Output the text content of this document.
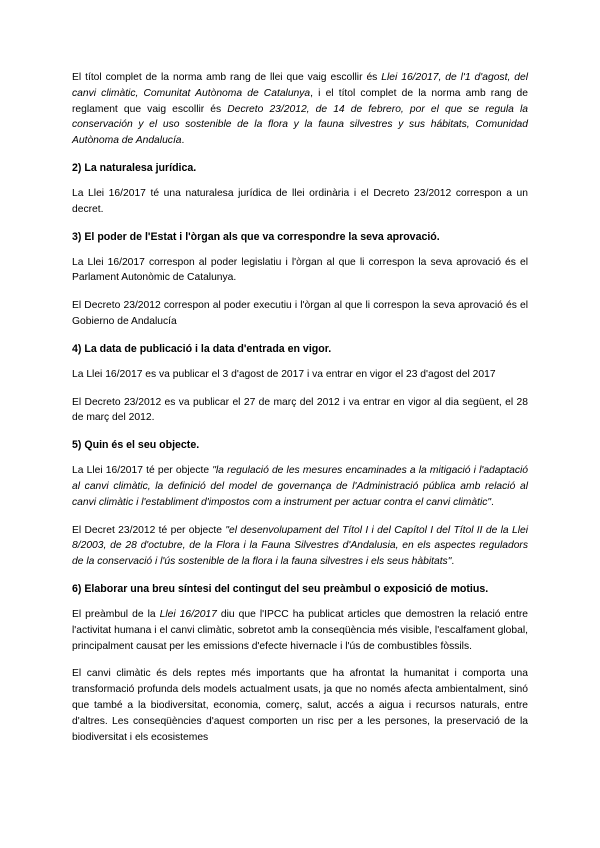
El títol complet de la norma amb rang de llei que vaig escollir és Llei 16/2017, de l'1 d'agost, del canvi climàtic, Comunitat Autònoma de Catalunya, i el títol complet de la norma amb rang de reglament que vaig escollir és Decreto 23/2012, de 14 de febrero, por el que se regula la conservación y el uso sostenible de la flora y la fauna silvestres y sus hábitats, Comunidad Autònoma de Andalucía.

2) La naturalesa jurídica.

La Llei 16/2017 té una naturalesa jurídica de llei ordinària i el Decreto 23/2012 correspon a un decret.

3) El poder de l'Estat i l'òrgan als que va correspondre la seva aprovació.

La Llei 16/2017 correspon al poder legislatiu i l'òrgan al que li correspon la seva aprovació és el Parlament Autonòmic de Catalunya.

El Decreto 23/2012 correspon al poder executiu i l'òrgan al que li correspon la seva aprovació és el Gobierno de Andalucía

4) La data de publicació i la data d'entrada en vigor.

La Llei 16/2017 es va publicar el 3 d'agost de 2017 i va entrar en vigor el 23 d'agost del 2017

El Decreto 23/2012 es va publicar el 27 de març del 2012 i va entrar en vigor al dia següent, el 28 de març del 2012.

5) Quin és el seu objecte.

La Llei 16/2017 té per objecte "la regulació de les mesures encaminades a la mitigació i l'adaptació al canvi climàtic, la definició del model de governança de l'Administració pública amb relació al canvi climàtic i l'establiment d'impostos com a instrument per actuar contra el canvi climàtic".

El Decret 23/2012 té per objecte "el desenvolupament del Títol I i del Capítol I del Títol II de la Llei 8/2003, de 28 d'octubre, de la Flora i la Fauna Silvestres d'Andalusia, en els aspectes reguladors de la conservació i l'ús sostenible de la flora i la fauna silvestres i els seus hàbitats".

6) Elaborar una breu síntesi del contingut del seu preàmbul o exposició de motius.

El preàmbul de la Llei 16/2017 diu que l'IPCC ha publicat articles que demostren la relació entre l'activitat humana i el canvi climàtic, sobretot amb la conseqüència més visible, l'escalfament global, principalment causat per les emissions d'efecte hivernacle i l'ús de combustibles fòssils.

El canvi climàtic és dels reptes més importants que ha afrontat la humanitat i comporta una transformació profunda dels models actualment usats, ja que no només afecta ambientalment, sinó que també a la biodiversitat, economia, comerç, salut, accés a aigua i recursos naturals, entre d'altres. Les conseqüències d'aquest comporten un risc per a les persones, la preservació de la biodiversitat i els ecosistemes
